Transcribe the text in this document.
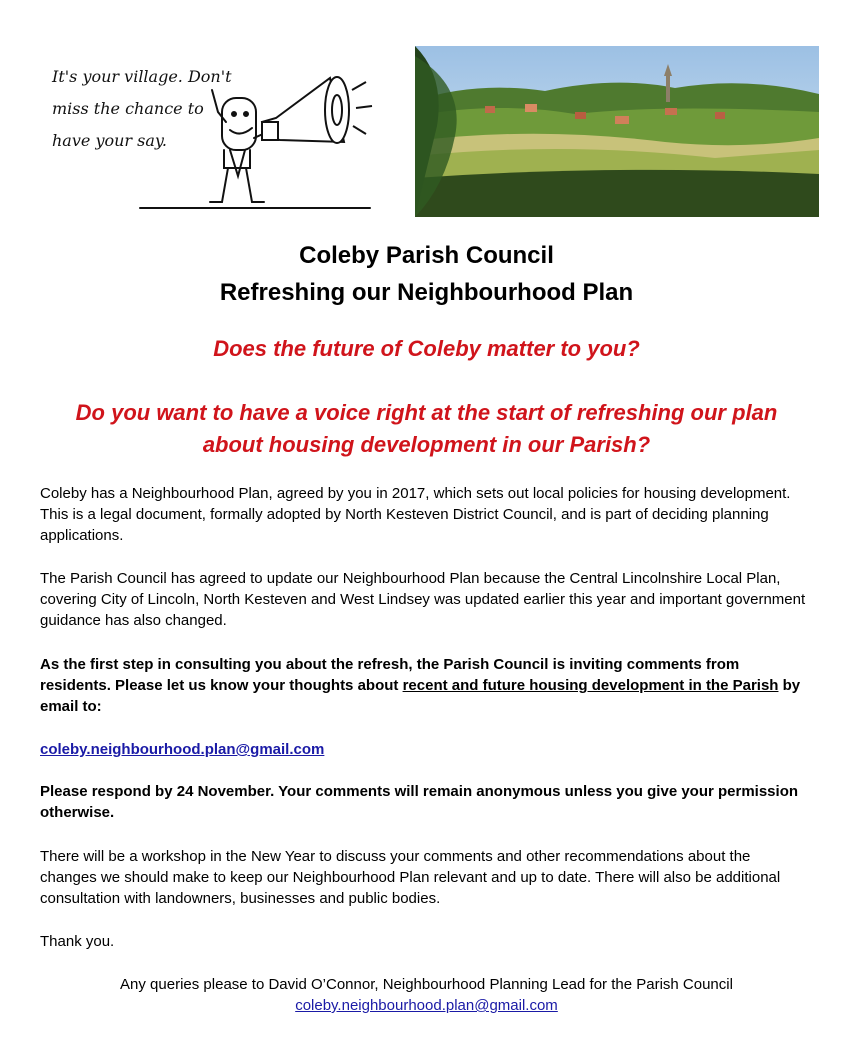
It's your village. Don't
miss the chance to
have your say.
Coleby Parish Council
Refreshing our Neighbourhood Plan

Does the future of Coleby matter to you?

Do you want to have a voice right at the start of refreshing our plan
about housing development in our Parish?

Coleby has a Neighbourhood Plan, agreed by you in 2017, which sets out local policies for housing development. This is a legal document, formally adopted by North Kesteven District Council, and is part of deciding planning applications.

The Parish Council has agreed to update our Neighbourhood Plan because the Central Lincolnshire Local Plan, covering City of Lincoln, North Kesteven and West Lindsey was updated earlier this year and important government guidance has also changed.

As the first step in consulting you about the refresh, the Parish Council is inviting comments from residents. Please let us know your thoughts about recent and future housing development in the Parish by email to:

coleby.neighbourhood.plan@gmail.com

Please respond by 24 November. Your comments will remain anonymous unless you give your permission otherwise.

There will be a workshop in the New Year to discuss your comments and other recommendations about the changes we should make to keep our Neighbourhood Plan relevant and up to date. There will also be additional consultation with landowners, businesses and public bodies.

Thank you.

Any queries please to David O’Connor, Neighbourhood Planning Lead for the Parish Council
coleby.neighbourhood.plan@gmail.com
